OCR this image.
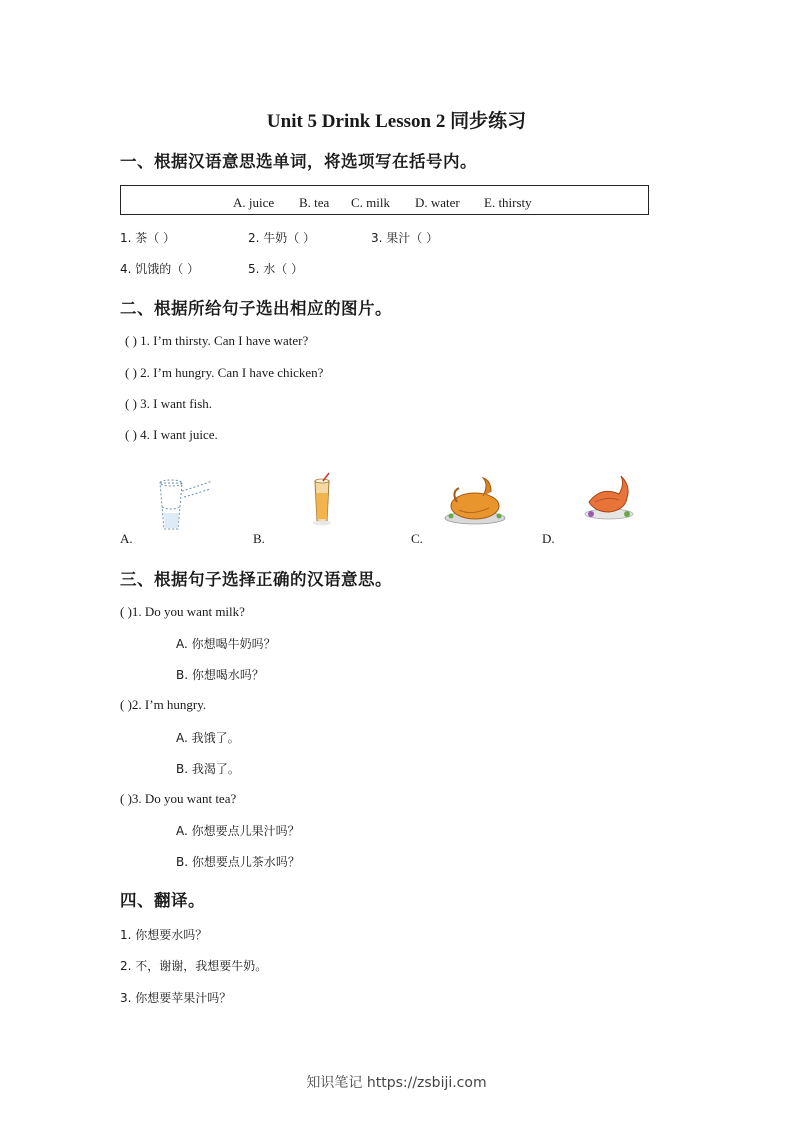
Unit 5 Drink Lesson 2 同步练习
一、根据汉语意思选单词，将选项写在括号内。
A. juice B. tea C. milk D. water E. thirsty
1. 茶（ ）	2. 牛奶（ ）	3. 果汁（ ）
4. 饥饿的（ ）	5. 水（ ）
二、根据所给句子选出相应的图片。
( ) 1. I’m thirsty. Can I have water?
( ) 2. I’m hungry. Can I have chicken?
( ) 3. I want fish.
( ) 4. I want juice.
A.	B.	C.	D.
三、根据句子选择正确的汉语意思。
( )1. Do you want milk?
A. 你想喝牛奶吗？
B. 你想喝水吗？
( )2. I’m hungry.
A. 我饿了。
B. 我渴了。
( )3. Do you want tea?
A. 你想要点儿果汁吗？
B. 你想要点儿茶水吗？
四、翻译。
1. 你想要水吗？
2. 不，谢谢，我想要牛奶。
3. 你想要苹果汁吗？
知识笔记 https://zsbiji.com
